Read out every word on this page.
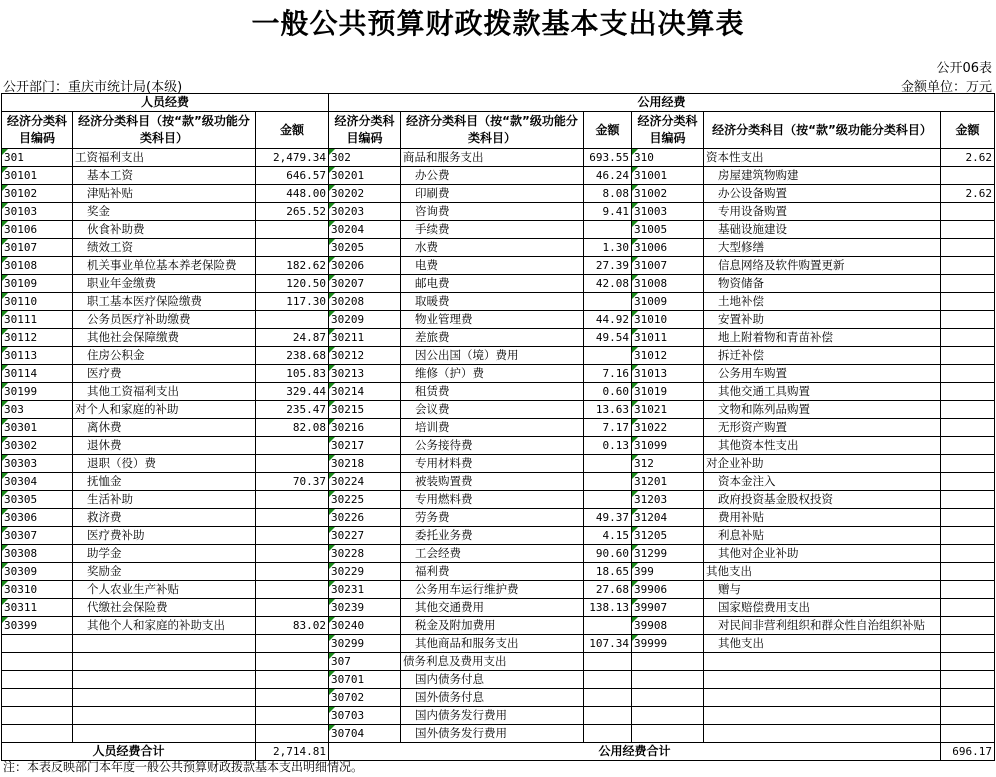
一般公共预算财政拨款基本支出决算表
公开06表
公开部门：重庆市统计局(本级)	金额单位：万元
人员经费			公用经费					
经济分类科目编码	经济分类科目（按“款”级功能分类科目）	金额	经济分类科目编码	经济分类科目（按“款”级功能分类科目）	金额	经济分类科目编码	经济分类科目（按“款”级功能分类科目）	金额
301	工资福利支出	2,479.34	302	商品和服务支出	693.55	310	资本性支出	2.62
30101	基本工资	646.57	30201	办公费	46.24	31001	房屋建筑物购建	
30102	津贴补贴	448.00	30202	印刷费	8.08	31002	办公设备购置	2.62
30103	奖金	265.52	30203	咨询费	9.41	31003	专用设备购置	
30106	伙食补助费		30204	手续费		31005	基础设施建设	
30107	绩效工资		30205	水费	1.30	31006	大型修缮	
30108	机关事业单位基本养老保险费	182.62	30206	电费	27.39	31007	信息网络及软件购置更新	
30109	职业年金缴费	120.50	30207	邮电费	42.08	31008	物资储备	
30110	职工基本医疗保险缴费	117.30	30208	取暖费		31009	土地补偿	
30111	公务员医疗补助缴费		30209	物业管理费	44.92	31010	安置补助	
30112	其他社会保障缴费	24.87	30211	差旅费	49.54	31011	地上附着物和青苗补偿	
30113	住房公积金	238.68	30212	因公出国（境）费用		31012	拆迁补偿	
30114	医疗费	105.83	30213	维修（护）费	7.16	31013	公务用车购置	
30199	其他工资福利支出	329.44	30214	租赁费	0.60	31019	其他交通工具购置	
303	对个人和家庭的补助	235.47	30215	会议费	13.63	31021	文物和陈列品购置	
30301	离休费	82.08	30216	培训费	7.17	31022	无形资产购置	
30302	退休费		30217	公务接待费	0.13	31099	其他资本性支出	
30303	退职（役）费		30218	专用材料费		312	对企业补助	
30304	抚恤金	70.37	30224	被装购置费		31201	资本金注入	
30305	生活补助		30225	专用燃料费		31203	政府投资基金股权投资	
30306	救济费		30226	劳务费	49.37	31204	费用补贴	
30307	医疗费补助		30227	委托业务费	4.15	31205	利息补贴	
30308	助学金		30228	工会经费	90.60	31299	其他对企业补助	
30309	奖励金		30229	福利费	18.65	399	其他支出	
30310	个人农业生产补贴		30231	公务用车运行维护费	27.68	39906	赠与	
30311	代缴社会保险费		30239	其他交通费用	138.13	39907	国家赔偿费用支出	
30399	其他个人和家庭的补助支出	83.02	30240	税金及附加费用		39908	对民间非营利组织和群众性自治组织补贴	
			30299	其他商品和服务支出	107.34	39999	其他支出	
			307	债务利息及费用支出				
			30701	国内债务付息				
			30702	国外债务付息				
			30703	国内债务发行费用				
			30704	国外债务发行费用				
人员经费合计		2,714.81	公用经费合计					696.17
注：本表反映部门本年度一般公共预算财政拨款基本支出明细情况。
